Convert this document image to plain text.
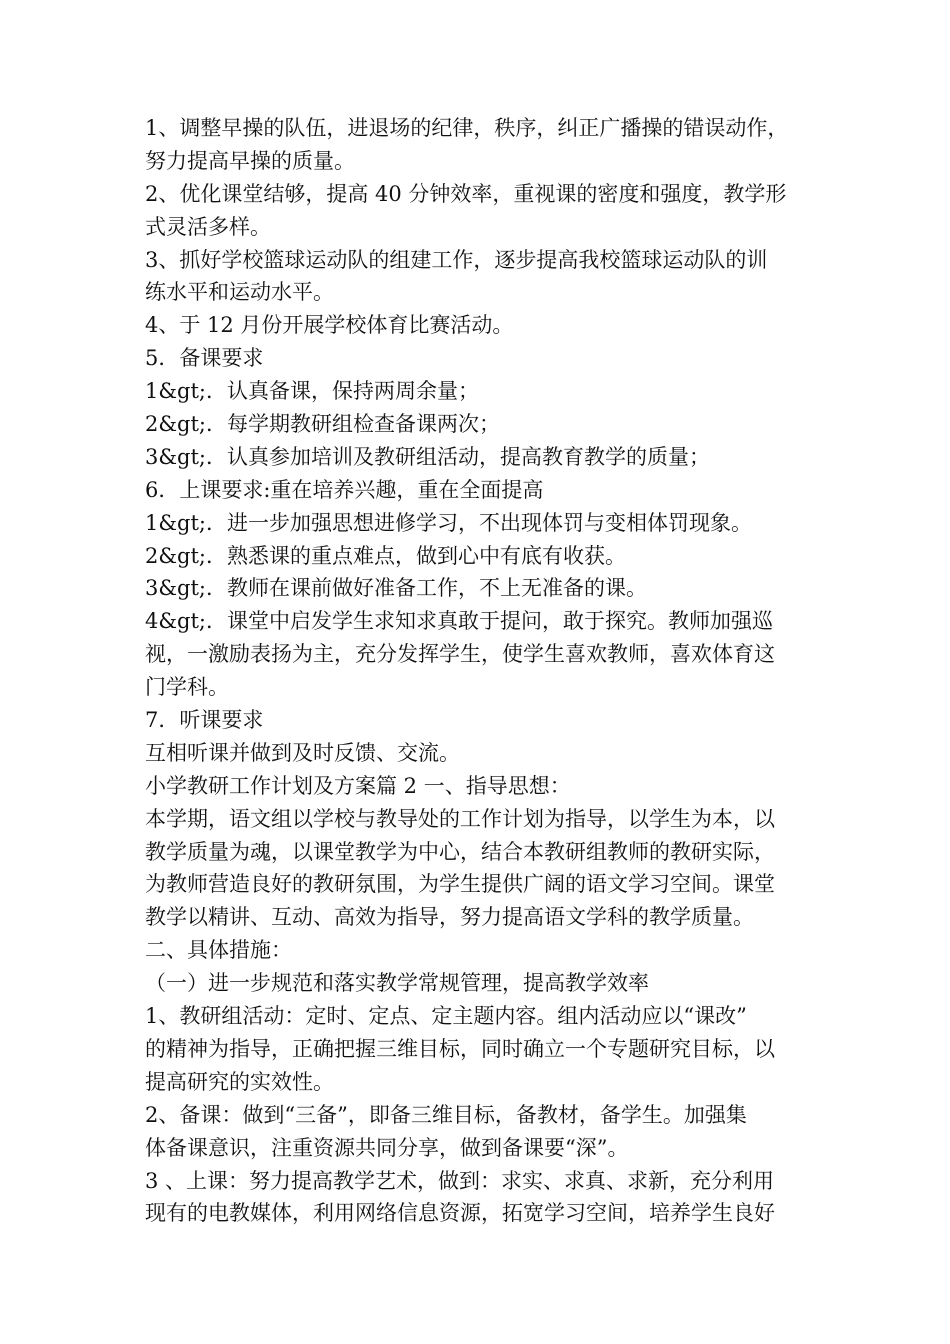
1、调整早操的队伍，进退场的纪律，秩序，纠正广播操的错误动作，
努力提高早操的质量。
2、优化课堂结够，提高 40 分钟效率，重视课的密度和强度，教学形
式灵活多样。
3、抓好学校篮球运动队的组建工作，逐步提高我校篮球运动队的训
练水平和运动水平。
4、于 12 月份开展学校体育比赛活动。
5．备课要求
1&gt;．认真备课，保持两周余量；
2&gt;．每学期教研组检查备课两次；
3&gt;．认真参加培训及教研组活动，提高教育教学的质量；
6．上课要求:重在培养兴趣，重在全面提高
1&gt;．进一步加强思想进修学习，不出现体罚与变相体罚现象。
2&gt;．熟悉课的重点难点，做到心中有底有收获。
3&gt;．教师在课前做好准备工作，不上无准备的课。
4&gt;．课堂中启发学生求知求真敢于提问，敢于探究。教师加强巡
视，一激励表扬为主，充分发挥学生，使学生喜欢教师，喜欢体育这
门学科。
7．听课要求
互相听课并做到及时反馈、交流。
小学教研工作计划及方案篇 2 一、指导思想：
本学期，语文组以学校与教导处的工作计划为指导，以学生为本，以
教学质量为魂，以课堂教学为中心，结合本教研组教师的教研实际，
为教师营造良好的教研氛围，为学生提供广阔的语文学习空间。课堂
教学以精讲、互动、高效为指导，努力提高语文学科的教学质量。
二、具体措施：
（一）进一步规范和落实教学常规管理，提高教学效率
1、教研组活动：定时、定点、定主题内容。组内活动应以“课改”
的精神为指导，正确把握三维目标，同时确立一个专题研究目标，以
提高研究的实效性。
2、备课：做到“三备”，即备三维目标，备教材，备学生。加强集
体备课意识，注重资源共同分享，做到备课要“深”。
3 、上课：努力提高教学艺术，做到：求实、求真、求新，充分利用
现有的电教媒体，利用网络信息资源，拓宽学习空间，培养学生良好
